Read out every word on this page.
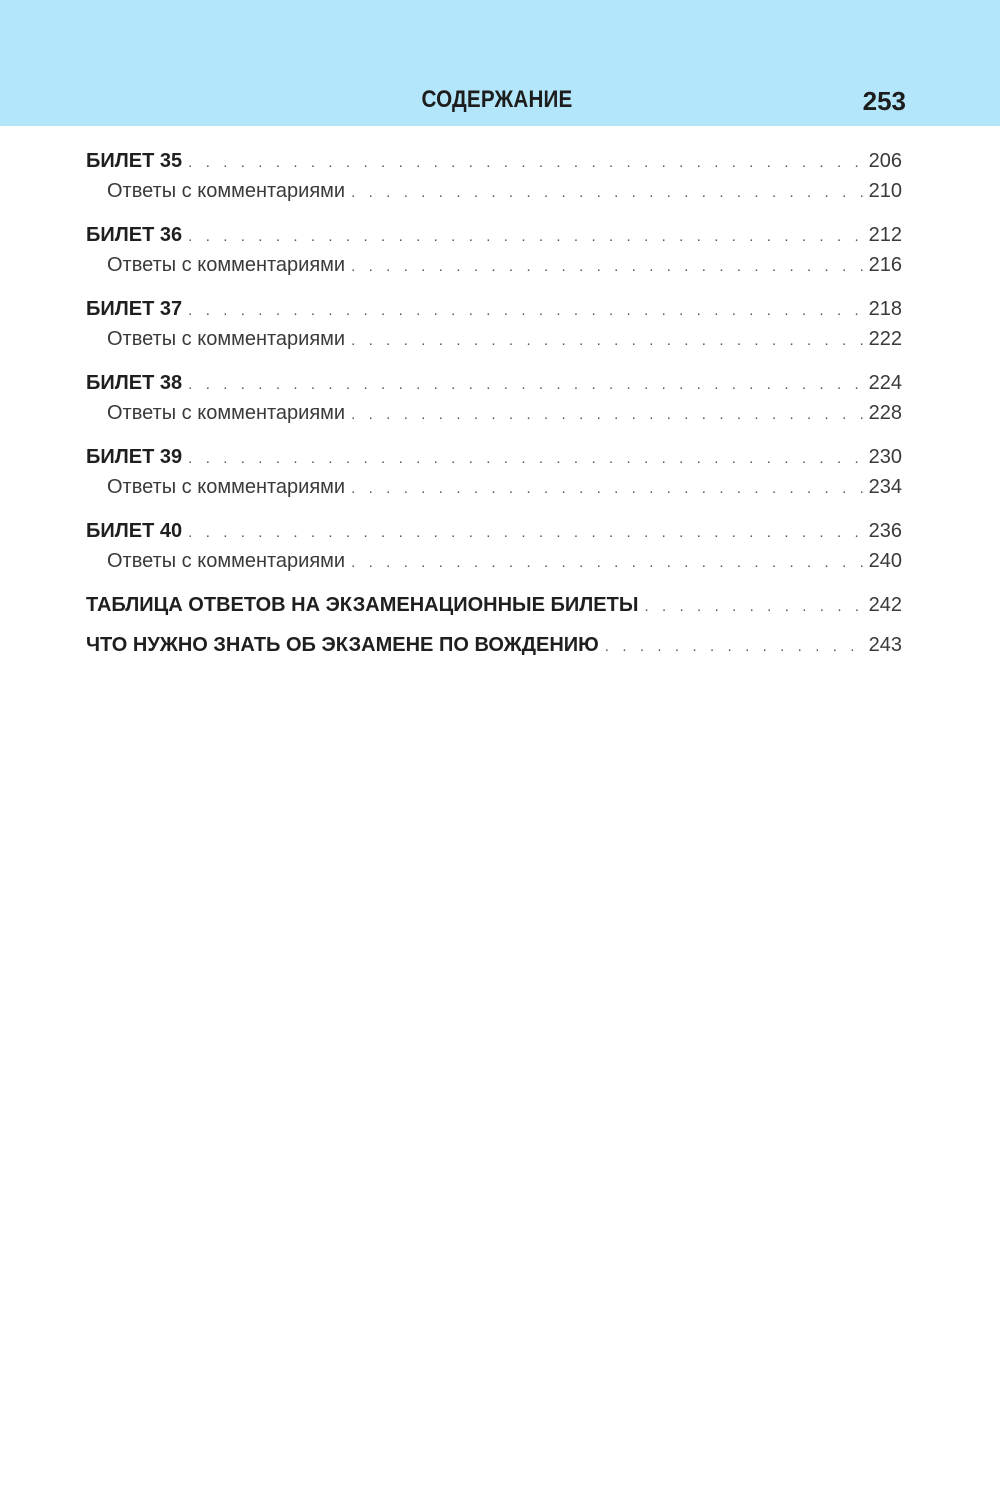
СОДЕРЖАНИЕ	253
БИЛЕТ 35 . . .	206
Ответы с комментариями . . .	210
БИЛЕТ 36 . . .	212
Ответы с комментариями . . .	216
БИЛЕТ 37 . . .	218
Ответы с комментариями . . .	222
БИЛЕТ 38 . . .	224
Ответы с комментариями . . .	228
БИЛЕТ 39 . . .	230
Ответы с комментариями . . .	234
БИЛЕТ 40 . . .	236
Ответы с комментариями . . .	240
ТАБЛИЦА ОТВЕТОВ НА ЭКЗАМЕНАЦИОННЫЕ БИЛЕТЫ . . .	242
ЧТО НУЖНО ЗНАТЬ ОБ ЭКЗАМЕНЕ ПО ВОЖДЕНИЮ . . .	243
